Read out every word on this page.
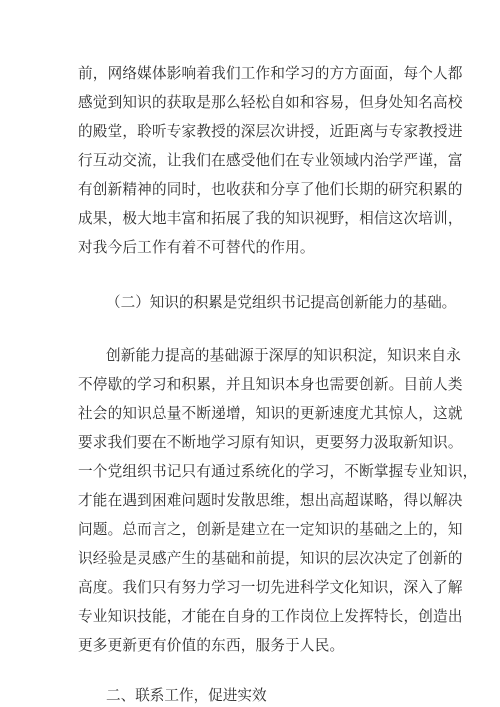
前，网络媒体影响着我们工作和学习的方方面面，每个人都
感觉到知识的获取是那么轻松自如和容易，但身处知名高校
的殿堂，聆听专家教授的深层次讲授，近距离与专家教授进
行互动交流，让我们在感受他们在专业领域内治学严谨，富
有创新精神的同时，也收获和分享了他们长期的研究积累的
成果，极大地丰富和拓展了我的知识视野，相信这次培训，
对我今后工作有着不可替代的作用。
（二）知识的积累是党组织书记提高创新能力的基础。
创新能力提高的基础源于深厚的知识积淀，知识来自永
不停歇的学习和积累，并且知识本身也需要创新。目前人类
社会的知识总量不断递增，知识的更新速度尤其惊人，这就
要求我们要在不断地学习原有知识，更要努力汲取新知识。
一个党组织书记只有通过系统化的学习，不断掌握专业知识，
才能在遇到困难问题时发散思维，想出高超谋略，得以解决
问题。总而言之，创新是建立在一定知识的基础之上的，知
识经验是灵感产生的基础和前提，知识的层次决定了创新的
高度。我们只有努力学习一切先进科学文化知识，深入了解
专业知识技能，才能在自身的工作岗位上发挥特长，创造出
更多更新更有价值的东西，服务于人民。
二、联系工作，促进实效
